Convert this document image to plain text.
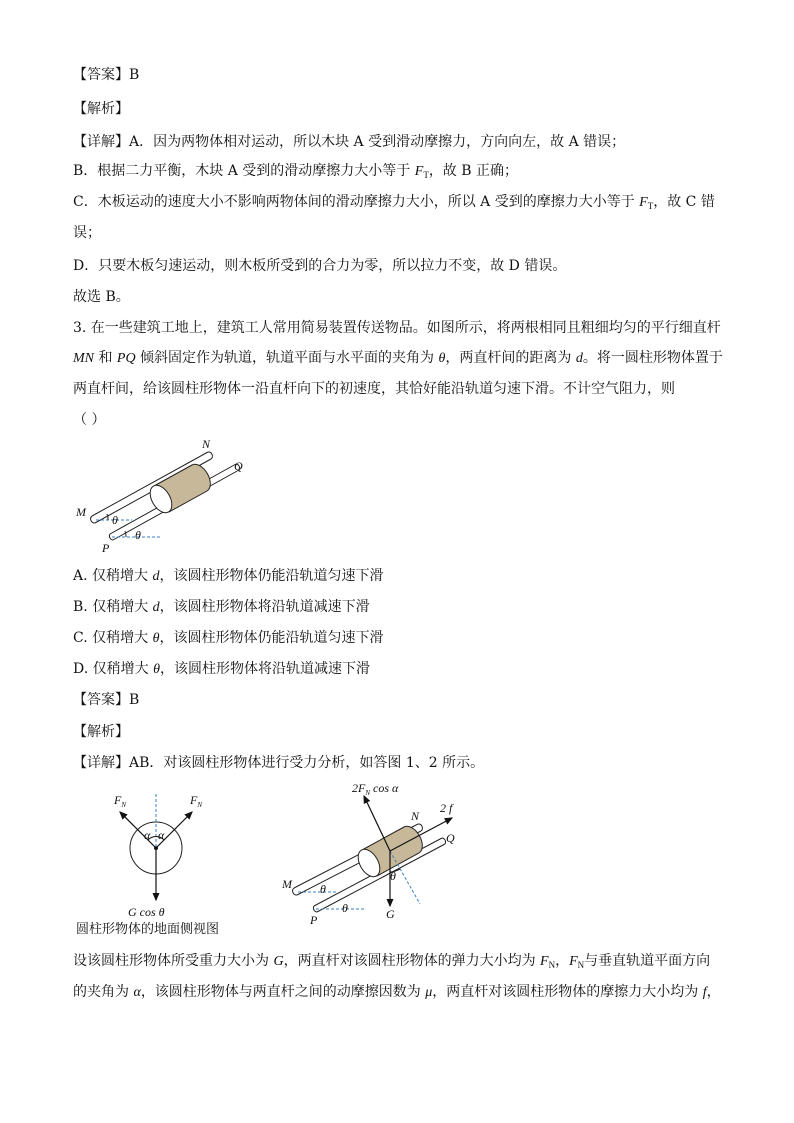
【答案】B
【解析】
【详解】A．因为两物体相对运动，所以木块 A 受到滑动摩擦力，方向向左，故 A 错误；
B．根据二力平衡，木块 A 受到的滑动摩擦力大小等于 $F_T$，故 B 正确；
C．木板运动的速度大小不影响两物体间的滑动摩擦力大小，所以 A 受到的摩擦力大小等于 $F_T$，故 C 错
误；
D．只要木板匀速运动，则木板所受到的合力为零，所以拉力不变，故 D 错误。
故选 B。
3. 在一些建筑工地上，建筑工人常用简易装置传送物品。如图所示，将两根相同且粗细均匀的平行细直杆
MN 和 PQ 倾斜固定作为轨道，轨道平面与水平面的夹角为 θ，两直杆间的距离为 d。将一圆柱形物体置于
两直杆间，给该圆柱形物体一沿直杆向下的初速度，其恰好能沿轨道匀速下滑。不计空气阻力，则
（ ）
N
Q
M
P
θ
θ
A. 仅稍增大 d，该圆柱形物体仍能沿轨道匀速下滑
B. 仅稍增大 d，该圆柱形物体将沿轨道减速下滑
C. 仅稍增大 θ，该圆柱形物体仍能沿轨道匀速下滑
D. 仅稍增大 θ，该圆柱形物体将沿轨道减速下滑
【答案】B
【解析】
【详解】AB．对该圆柱形物体进行受力分析，如答图 1、2 所示。
$F_N$	$F_N$
α α
G cos θ
圆柱形物体的地面侧视图
$2F_N$ cos α
2 f
N
Q
M
P
θ
θ
θ
G
设该圆柱形物体所受重力大小为 G，两直杆对该圆柱形物体的弹力大小均为 $F_N$，$F_N$与垂直轨道平面方向
的夹角为 α，该圆柱形物体与两直杆之间的动摩擦因数为 μ，两直杆对该圆柱形物体的摩擦力大小均为 f，
